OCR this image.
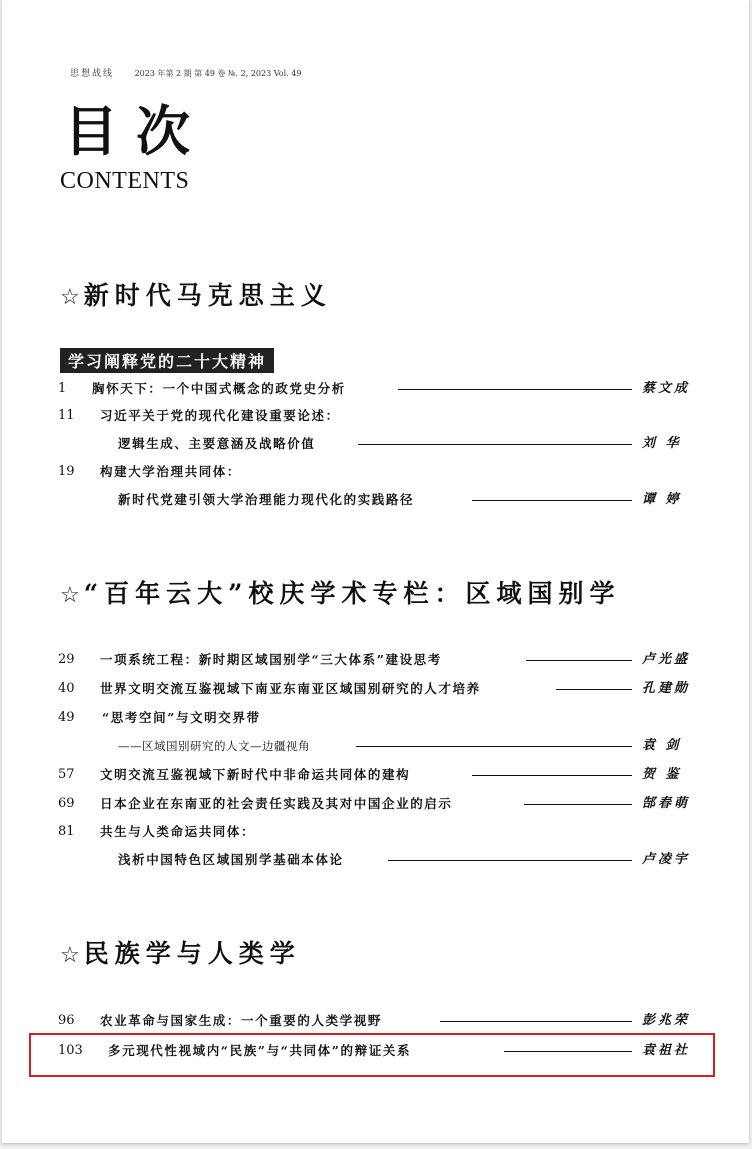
思想战线	2023 年第 2 期 第 49 卷 №. 2, 2023 Vol. 49
目次
CONTENTS
☆ 新时代马克思主义
学习阐释党的二十大精神
1	胸怀天下：一个中国式概念的政党史分析	蔡文成
11	习近平关于党的现代化建设重要论述：
逻辑生成、主要意涵及战略价值	刘 华
19	构建大学治理共同体：
新时代党建引领大学治理能力现代化的实践路径	谭 婷
☆ “百年云大”校庆学术专栏：区域国别学
29	一项系统工程：新时期区域国别学“三大体系”建设思考	卢光盛
40	世界文明交流互鉴视域下南亚东南亚区域国别研究的人才培养	孔建勋
49	“思考空间”与文明交界带
——区域国别研究的人文—边疆视角	袁 剑
57	文明交流互鉴视域下新时代中非命运共同体的建构	贺 鉴
69	日本企业在东南亚的社会责任实践及其对中国企业的启示	郜春萌
81	共生与人类命运共同体：
浅析中国特色区域国别学基础本体论	卢凌宇
☆ 民族学与人类学
96	农业革命与国家生成：一个重要的人类学视野	彭兆荣
103	多元现代性视域内“民族”与“共同体”的辩证关系	袁祖社
